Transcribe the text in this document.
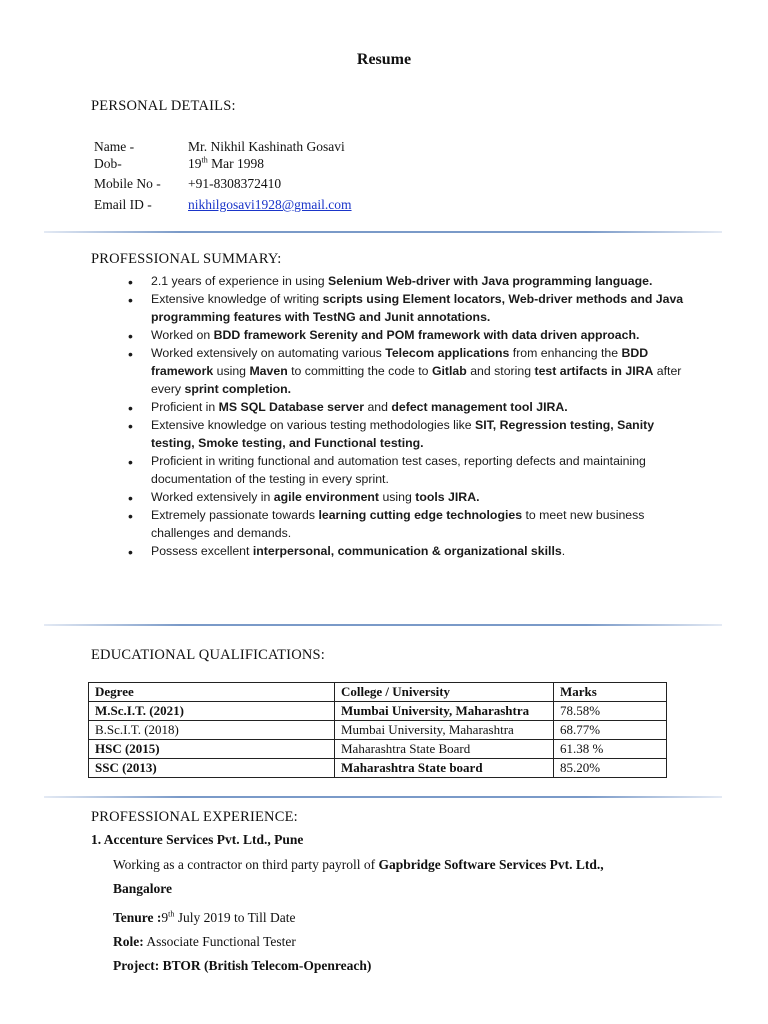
Resume
PERSONAL DETAILS:
Name -	Mr. Nikhil Kashinath Gosavi
Dob-	19th Mar 1998
Mobile No - +91-8308372410
Email ID -	nikhilgosavi1928@gmail.com
PROFESSIONAL SUMMARY:
• 2.1 years of experience in using Selenium Web-driver with Java programming language.
• Extensive knowledge of writing scripts using Element locators, Web-driver methods and Java programming features with TestNG and Junit annotations.
• Worked on BDD framework Serenity and POM framework with data driven approach.
• Worked extensively on automating various Telecom applications from enhancing the BDD framework using Maven to committing the code to Gitlab and storing test artifacts in JIRA after every sprint completion.
• Proficient in MS SQL Database server and defect management tool JIRA.
• Extensive knowledge on various testing methodologies like SIT, Regression testing, Sanity testing, Smoke testing, and Functional testing.
• Proficient in writing functional and automation test cases, reporting defects and maintaining documentation of the testing in every sprint.
• Worked extensively in agile environment using tools JIRA.
• Extremely passionate towards learning cutting edge technologies to meet new business challenges and demands.
• Possess excellent interpersonal, communication & organizational skills.
EDUCATIONAL QUALIFICATIONS:
Degree	College / University	Marks
M.Sc.I.T. (2021)	Mumbai University, Maharashtra	78.58%
B.Sc.I.T. (2018)	Mumbai University, Maharashtra	68.77%
HSC (2015)	Maharashtra State Board	61.38 %
SSC (2013)	Maharashtra State board	85.20%
PROFESSIONAL EXPERIENCE:
1. Accenture Services Pvt. Ltd., Pune
Working as a contractor on third party payroll of Gapbridge Software Services Pvt. Ltd.,
Bangalore
Tenure :9th July 2019 to Till Date
Role: Associate Functional Tester
Project: BTOR (British Telecom-Openreach)
